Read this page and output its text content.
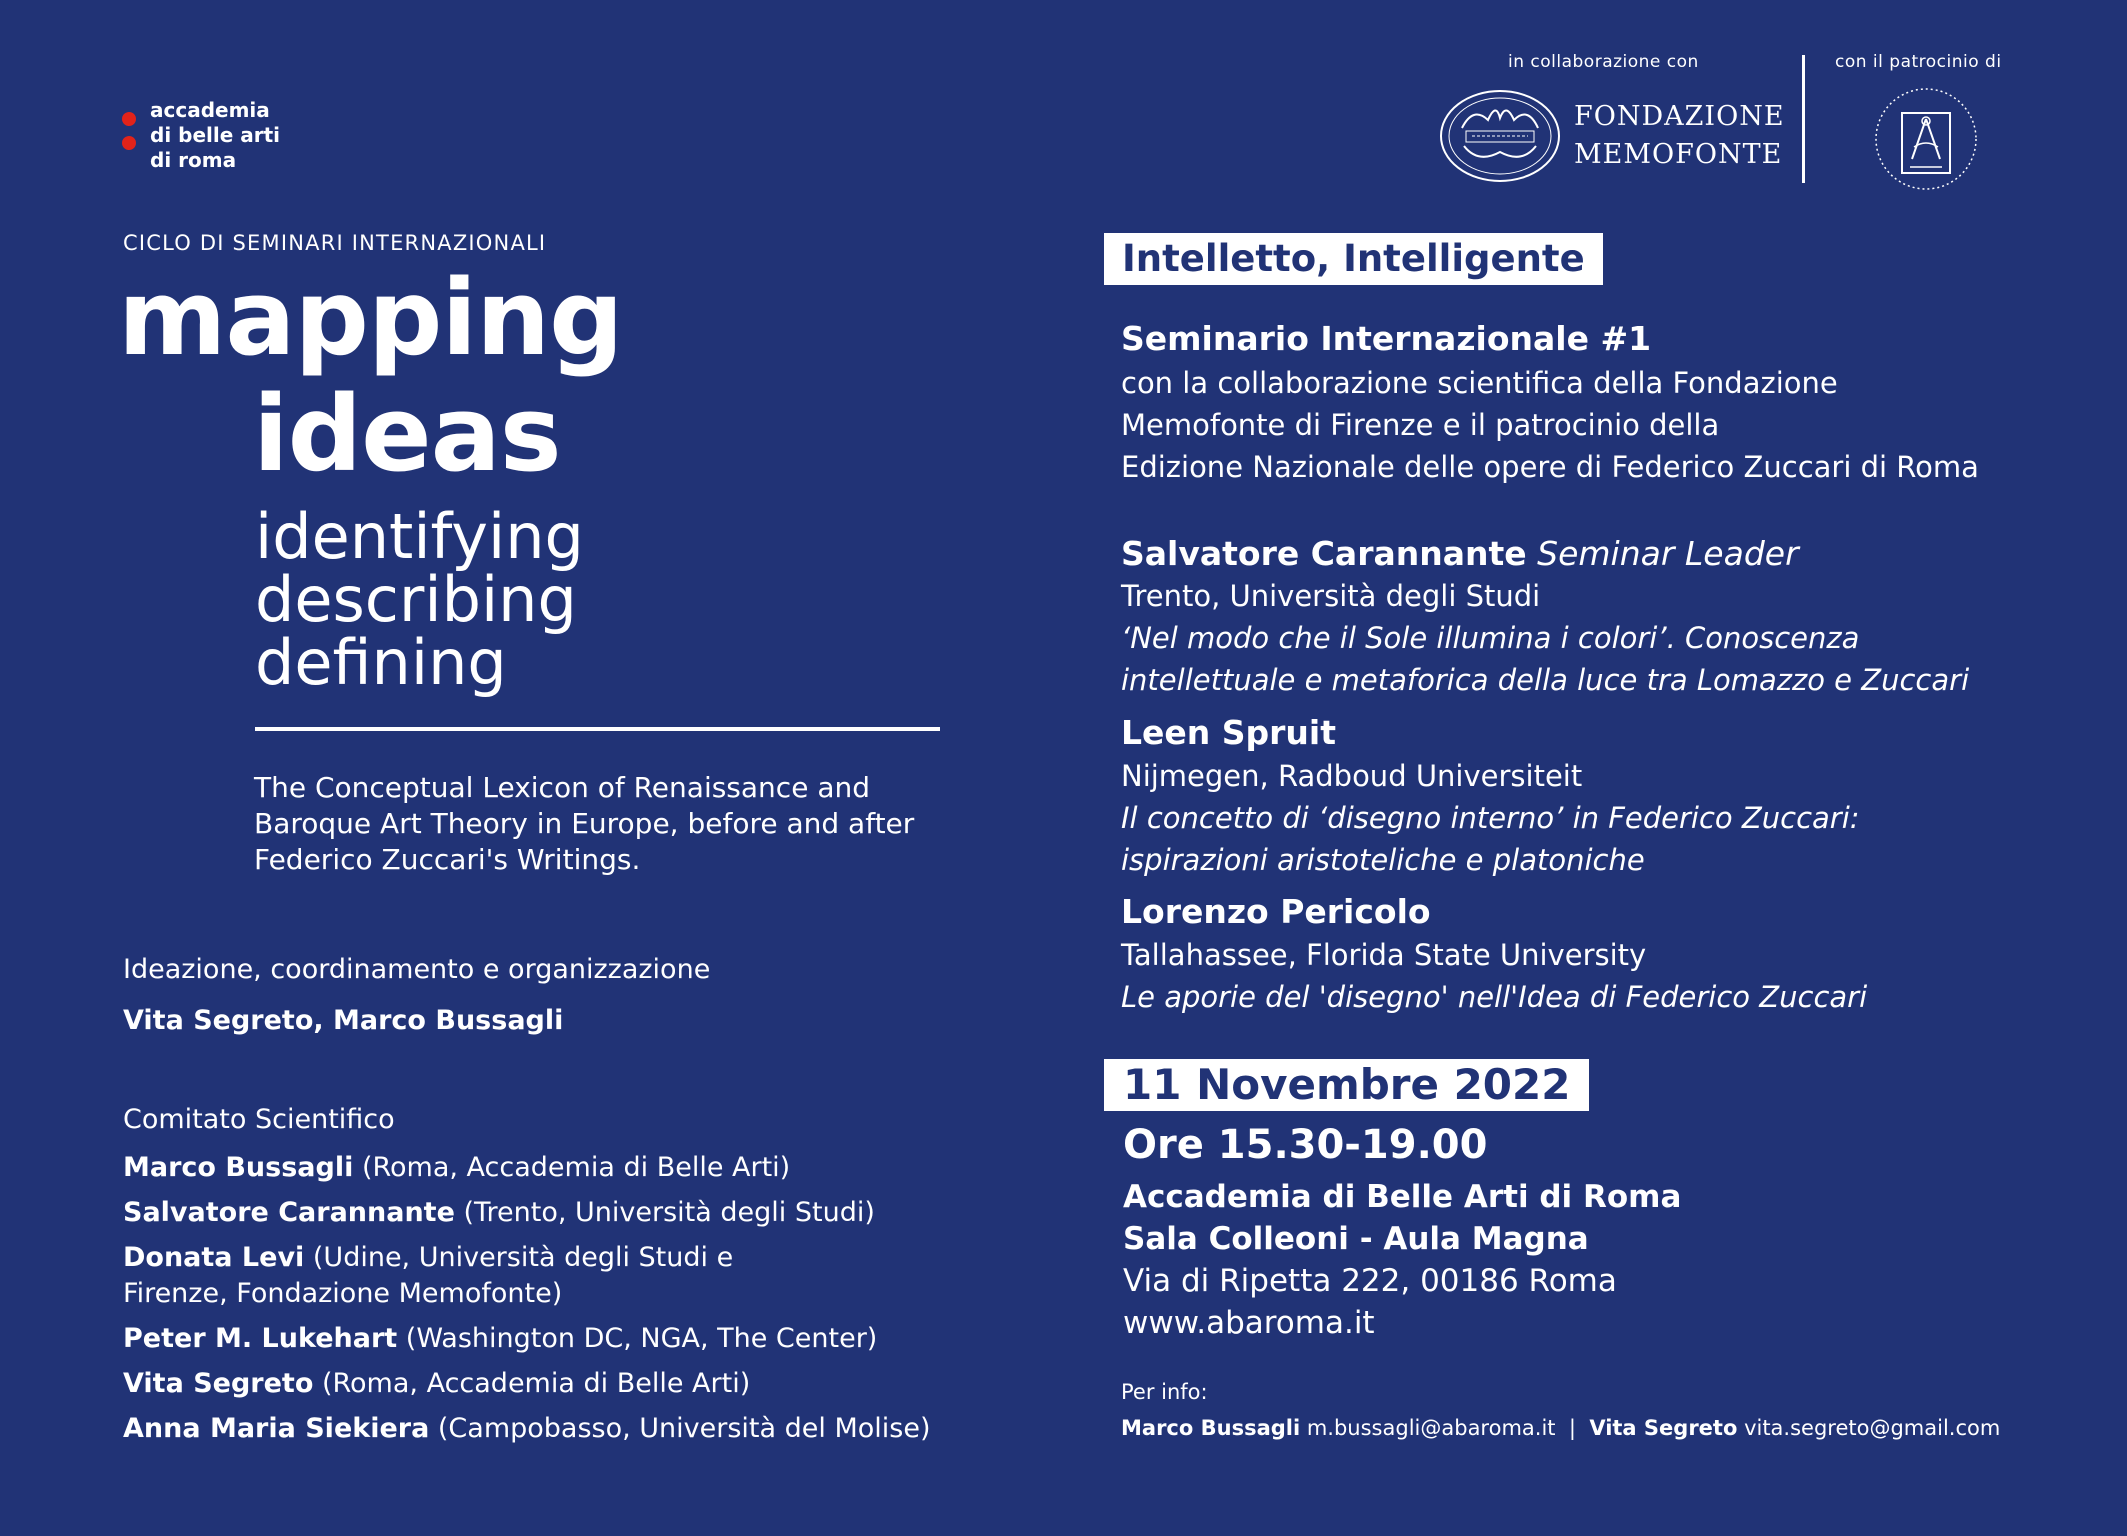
accademia
di belle arti
di roma
CICLO DI SEMINARI INTERNAZIONALI
mapping
ideas
identifying
describing
defining
The Conceptual Lexicon of Renaissance and Baroque Art Theory in Europe, before and after Federico Zuccari's Writings.
Ideazione, coordinamento e organizzazione
Vita Segreto, Marco Bussagli
Comitato Scientifico
Marco Bussagli (Roma, Accademia di Belle Arti)
Salvatore Carannante (Trento, Università degli Studi)
Donata Levi (Udine, Università degli Studi e Firenze, Fondazione Memofonte)
Peter M. Lukehart (Washington DC, NGA, The Center)
Vita Segreto (Roma, Accademia di Belle Arti)
Anna Maria Siekiera (Campobasso, Università del Molise)
in collaborazione con
FONDAZIONE
MEMOFONTE
con il patrocinio di
Intelletto, Intelligente
Seminario Internazionale #1
con la collaborazione scientifica della Fondazione
Memofonte di Firenze e il patrocinio della
Edizione Nazionale delle opere di Federico Zuccari di Roma
Salvatore Carannante Seminar Leader
Trento, Università degli Studi
‘Nel modo che il Sole illumina i colori’. Conoscenza
intellettuale e metaforica della luce tra Lomazzo e Zuccari
Leen Spruit
Nijmegen, Radboud Universiteit
Il concetto di ‘disegno interno’ in Federico Zuccari:
ispirazioni aristoteliche e platoniche
Lorenzo Pericolo
Tallahassee, Florida State University
Le aporie del 'disegno' nell'Idea di Federico Zuccari
11 Novembre 2022
Ore 15.30-19.00
Accademia di Belle Arti di Roma
Sala Colleoni - Aula Magna
Via di Ripetta 222, 00186 Roma
www.abaroma.it
Per info:
Marco Bussagli m.bussagli@abaroma.it  |  Vita Segreto vita.segreto@gmail.com
